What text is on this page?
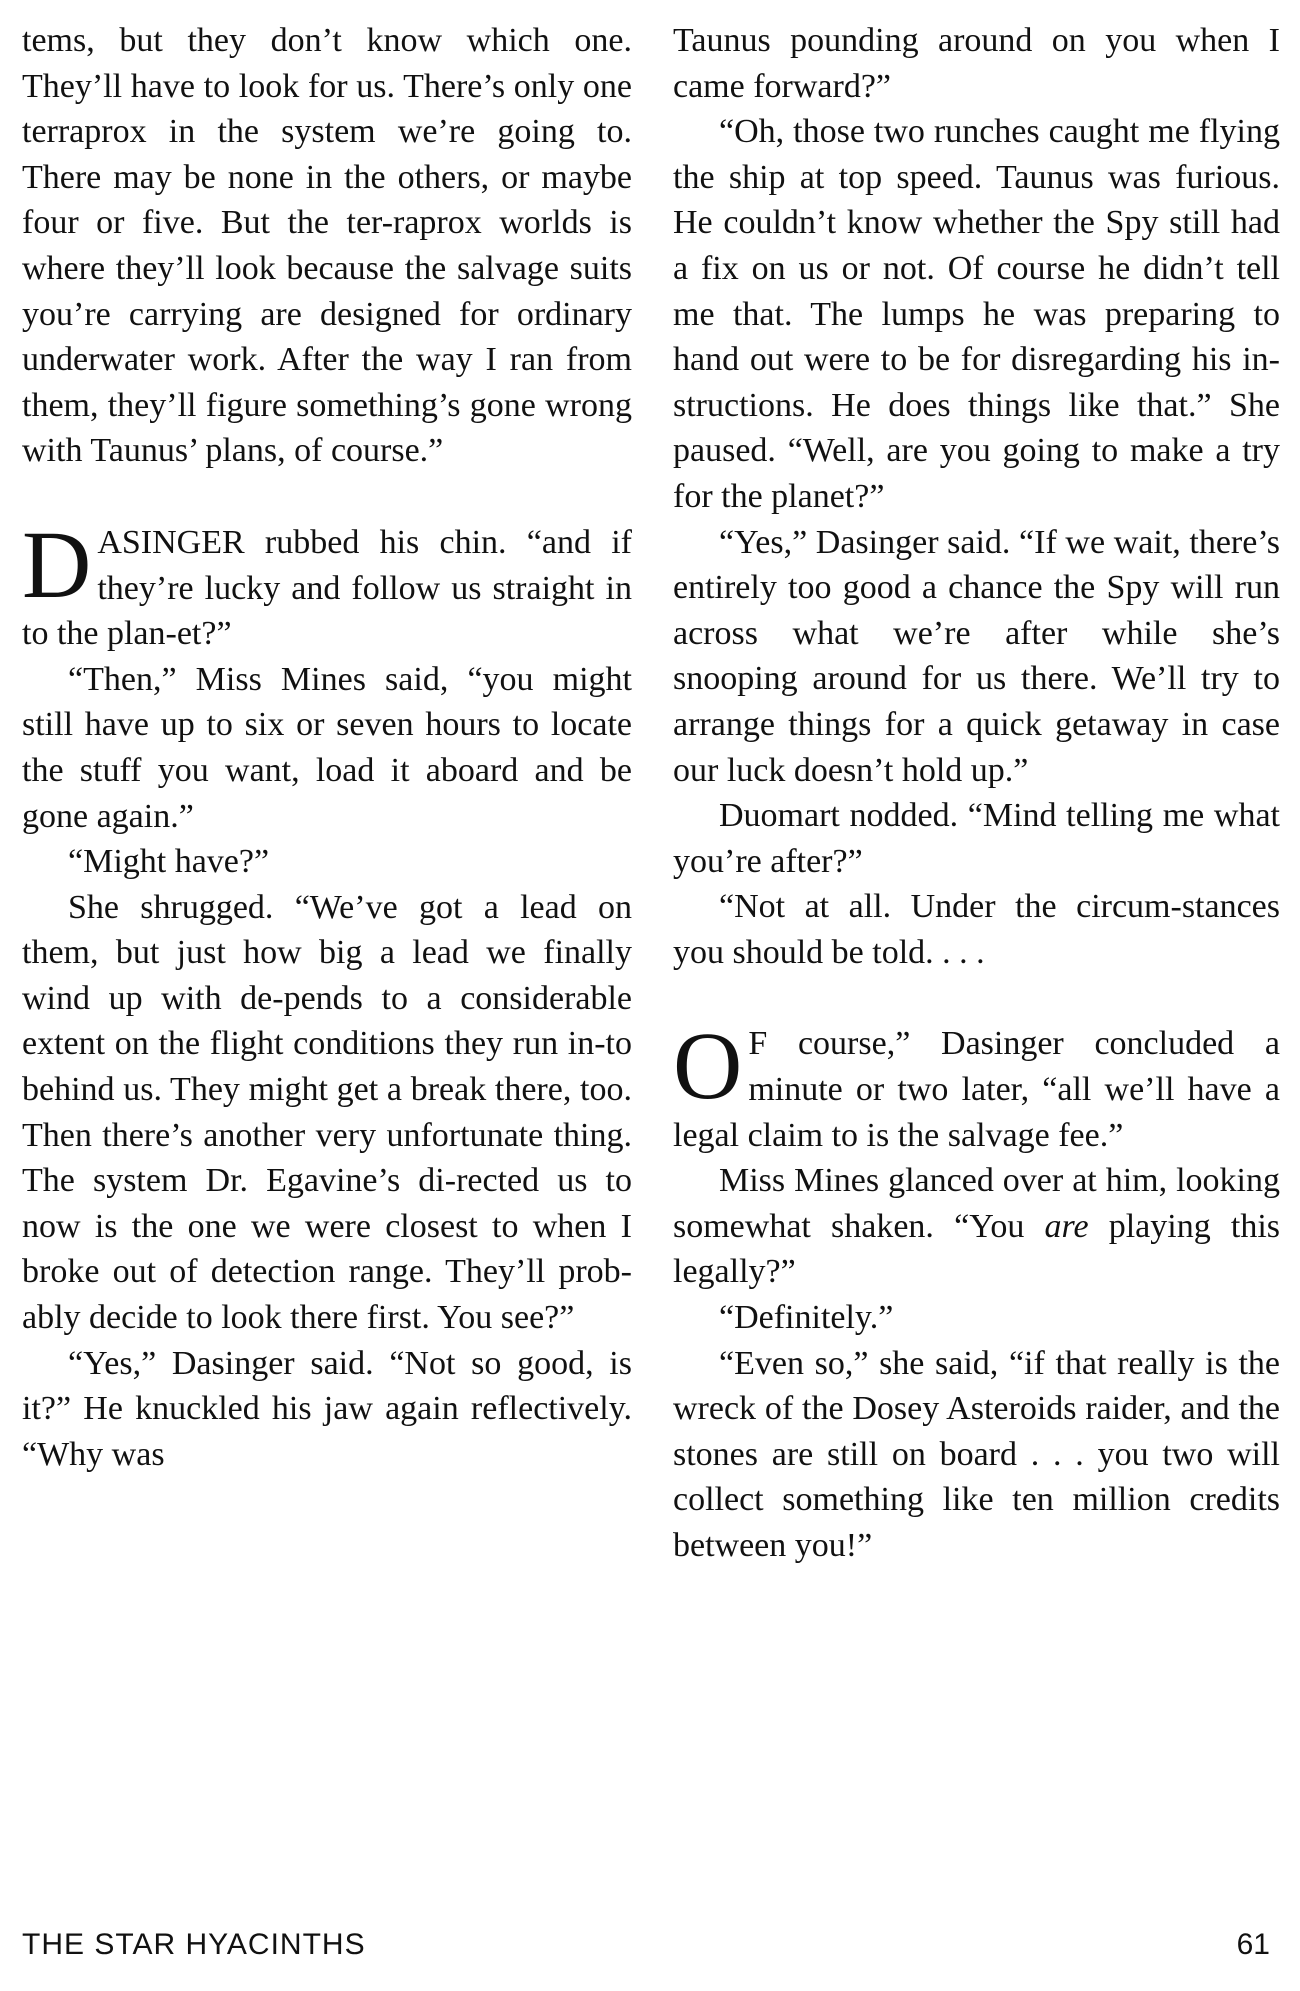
tems, but they don’t know which one. They’ll have to look for us. There’s only one terraprox in the system we’re going to. There may be none in the others, or maybe four or five. But the ter-raprox worlds is where they’ll look because the salvage suits you’re carrying are designed for ordinary underwater work. After the way I ran from them, they’ll figure something’s gone wrong with Taunus’ plans, of course.”

DASINGER rubbed his chin. “and if they’re lucky and follow us straight in to the plan-et?”

“Then,” Miss Mines said, “you might still have up to six or seven hours to locate the stuff you want, load it aboard and be gone again.”

“Might have?”

She shrugged. “We’ve got a lead on them, but just how big a lead we finally wind up with de-pends to a considerable extent on the flight conditions they run in-to behind us. They might get a break there, too. Then there’s another very unfortunate thing. The system Dr. Egavine’s di-rected us to now is the one we were closest to when I broke out of detection range. They’ll prob-ably decide to look there first. You see?”

“Yes,” Dasinger said. “Not so good, is it?” He knuckled his jaw again reflectively. “Why was

Taunus pounding around on you when I came forward?”

“Oh, those two runches caught me flying the ship at top speed. Taunus was furious. He couldn’t know whether the Spy still had a fix on us or not. Of course he didn’t tell me that. The lumps he was preparing to hand out were to be for disregarding his in-structions. He does things like that.” She paused. “Well, are you going to make a try for the planet?”

“Yes,” Dasinger said. “If we wait, there’s entirely too good a chance the Spy will run across what we’re after while she’s snooping around for us there. We’ll try to arrange things for a quick getaway in case our luck doesn’t hold up.”

Duomart nodded. “Mind telling me what you’re after?”

“Not at all. Under the circum-stances you should be told. . . .

O F course,” Dasinger concluded a minute or two later, “all we’ll have a legal claim to is the salvage fee.”

Miss Mines glanced over at him, looking somewhat shaken. “You are playing this legally?”

“Definitely.”

“Even so,” she said, “if that really is the wreck of the Dosey Asteroids raider, and the stones are still on board . . . you two will collect something like ten million credits between you!”

THE STAR HYACINTHS	61
